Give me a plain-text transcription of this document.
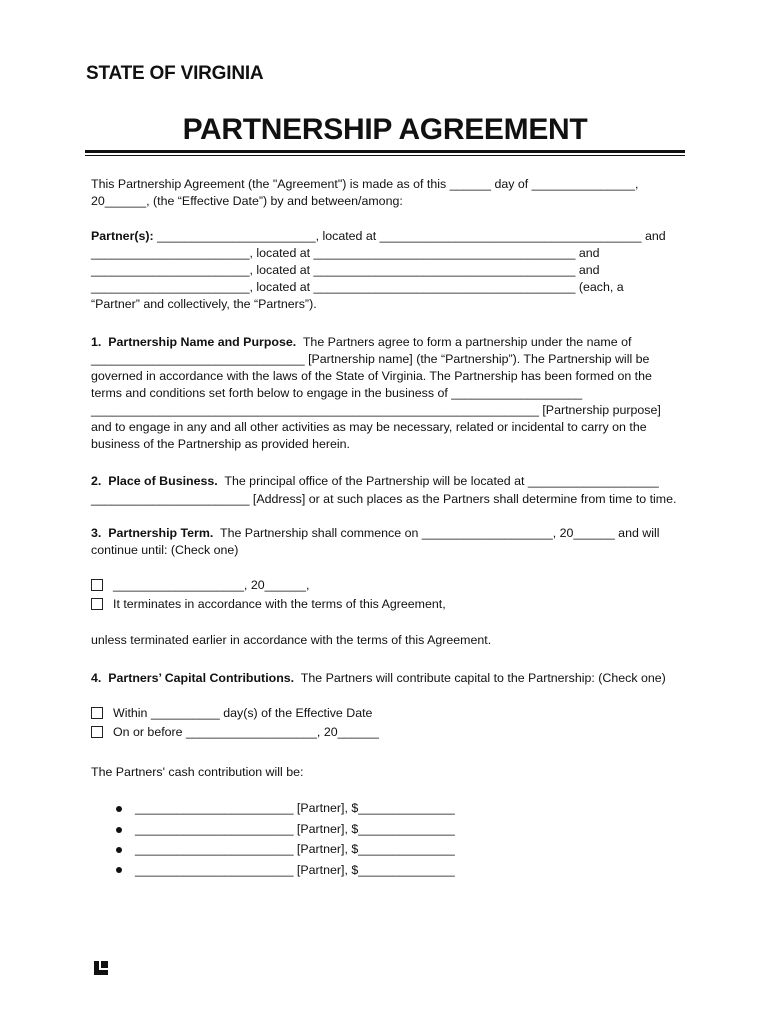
STATE OF VIRGINIA
PARTNERSHIP AGREEMENT
This Partnership Agreement (the "Agreement") is made as of this ______ day of _______________,
20______, (the “Effective Date”) by and between/among:
Partner(s): _______________________, located at ______________________________________ and
_______________________, located at ______________________________________ and
_______________________, located at ______________________________________ and
_______________________, located at ______________________________________ (each, a
“Partner” and collectively, the “Partners”).
1.  Partnership Name and Purpose.  The Partners agree to form a partnership under the name of
_______________________________ [Partnership name] (the “Partnership”). The Partnership will be
governed in accordance with the laws of the State of Virginia. The Partnership has been formed on the
terms and conditions set forth below to engage in the business of ___________________
_________________________________________________________________ [Partnership purpose]
and to engage in any and all other activities as may be necessary, related or incidental to carry on the
business of the Partnership as provided herein.
2.  Place of Business.  The principal office of the Partnership will be located at ___________________
_______________________ [Address] or at such places as the Partners shall determine from time to time.
3.  Partnership Term.  The Partnership shall commence on ___________________, 20______ and will
continue until: (Check one)
___________________, 20______,
It terminates in accordance with the terms of this Agreement,
unless terminated earlier in accordance with the terms of this Agreement.
4.  Partners’ Capital Contributions.  The Partners will contribute capital to the Partnership: (Check one)
Within __________ day(s) of the Effective Date
On or before ___________________, 20______
The Partners' cash contribution will be:
_______________________ [Partner], $______________
_______________________ [Partner], $______________
_______________________ [Partner], $______________
_______________________ [Partner], $______________
